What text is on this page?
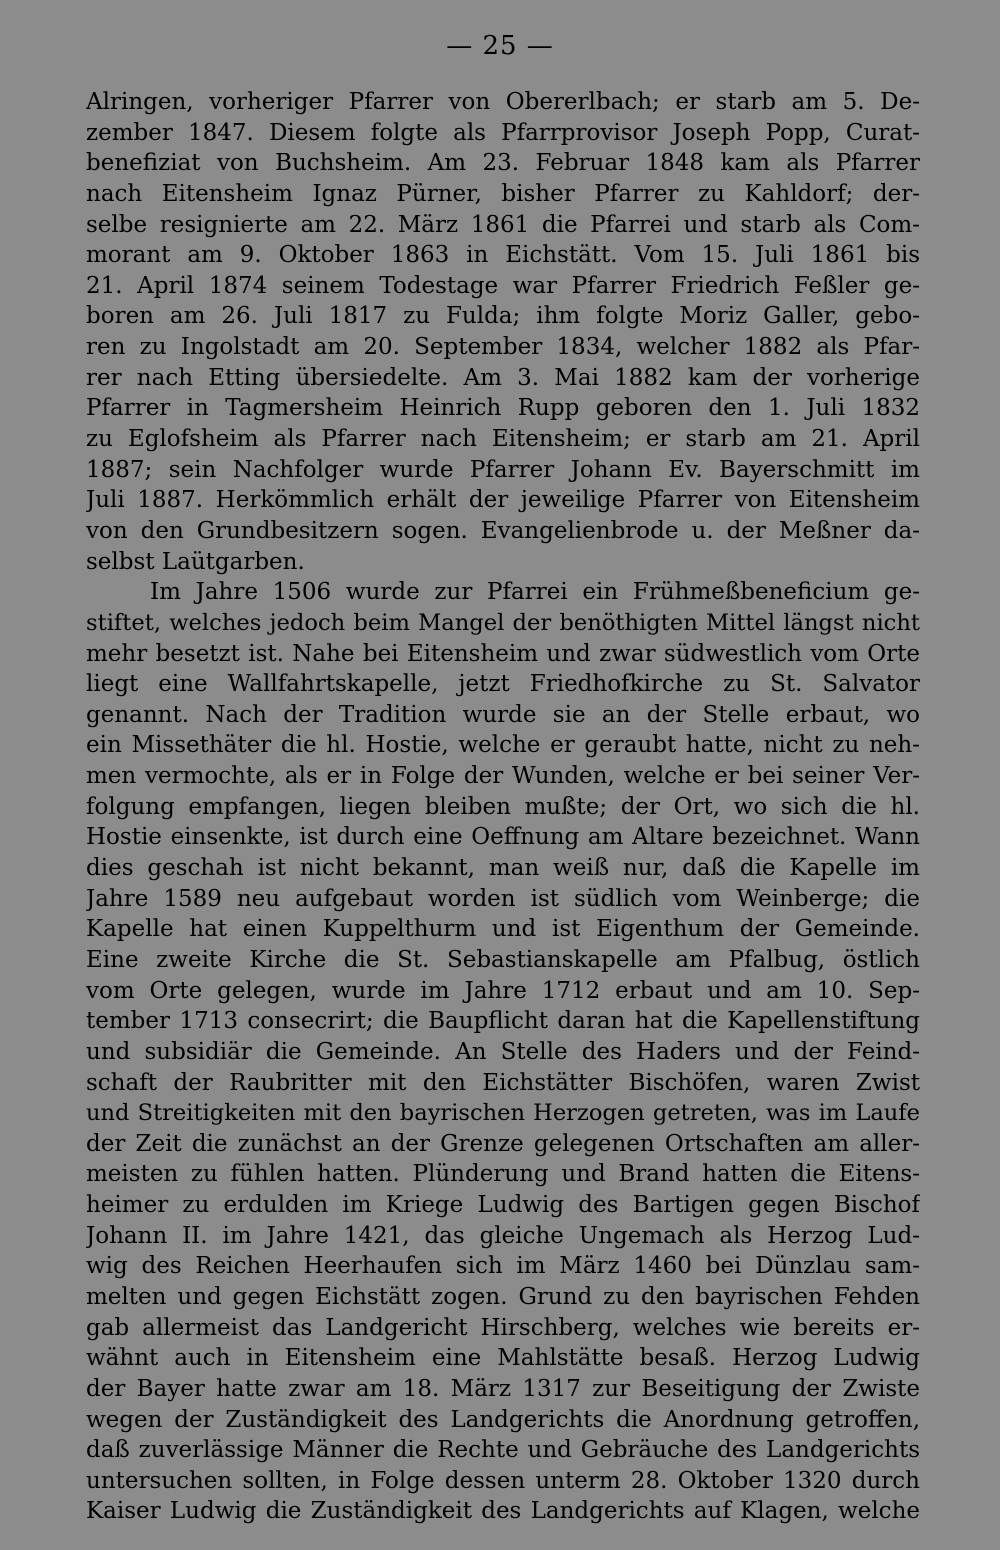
— 25 —
Alringen, vorheriger Pfarrer von Obererlbach; er starb am 5. De-
zember 1847. Diesem folgte als Pfarrprovisor Joseph Popp, Curat-
benefiziat von Buchsheim. Am 23. Februar 1848 kam als Pfarrer
nach Eitensheim Ignaz Pürner, bisher Pfarrer zu Kahldorf; der-
selbe resignierte am 22. März 1861 die Pfarrei und starb als Com-
morant am 9. Oktober 1863 in Eichstätt. Vom 15. Juli 1861 bis
21. April 1874 seinem Todestage war Pfarrer Friedrich Feßler ge-
boren am 26. Juli 1817 zu Fulda; ihm folgte Moriz Galler, gebo-
ren zu Ingolstadt am 20. September 1834, welcher 1882 als Pfar-
rer nach Etting übersiedelte. Am 3. Mai 1882 kam der vorherige
Pfarrer in Tagmersheim Heinrich Rupp geboren den 1. Juli 1832
zu Eglofsheim als Pfarrer nach Eitensheim; er starb am 21. April
1887; sein Nachfolger wurde Pfarrer Johann Ev. Bayerschmitt im
Juli 1887. Herkömmlich erhält der jeweilige Pfarrer von Eitensheim
von den Grundbesitzern sogen. Evangelienbrode u. der Meßner da-
selbst Laütgarben.
Im Jahre 1506 wurde zur Pfarrei ein Frühmeßbeneficium ge-
stiftet, welches jedoch beim Mangel der benöthigten Mittel längst nicht
mehr besetzt ist. Nahe bei Eitensheim und zwar südwestlich vom Orte
liegt eine Wallfahrtskapelle, jetzt Friedhofkirche zu St. Salvator
genannt. Nach der Tradition wurde sie an der Stelle erbaut, wo
ein Missethäter die hl. Hostie, welche er geraubt hatte, nicht zu neh-
men vermochte, als er in Folge der Wunden, welche er bei seiner Ver-
folgung empfangen, liegen bleiben mußte; der Ort, wo sich die hl.
Hostie einsenkte, ist durch eine Oeffnung am Altare bezeichnet. Wann
dies geschah ist nicht bekannt, man weiß nur, daß die Kapelle im
Jahre 1589 neu aufgebaut worden ist südlich vom Weinberge; die
Kapelle hat einen Kuppelthurm und ist Eigenthum der Gemeinde.
Eine zweite Kirche die St. Sebastianskapelle am Pfalbug, östlich
vom Orte gelegen, wurde im Jahre 1712 erbaut und am 10. Sep-
tember 1713 consecrirt; die Baupflicht daran hat die Kapellenstiftung
und subsidiär die Gemeinde. An Stelle des Haders und der Feind-
schaft der Raubritter mit den Eichstätter Bischöfen, waren Zwist
und Streitigkeiten mit den bayrischen Herzogen getreten, was im Laufe
der Zeit die zunächst an der Grenze gelegenen Ortschaften am aller-
meisten zu fühlen hatten. Plünderung und Brand hatten die Eitens-
heimer zu erdulden im Kriege Ludwig des Bartigen gegen Bischof
Johann II. im Jahre 1421, das gleiche Ungemach als Herzog Lud-
wig des Reichen Heerhaufen sich im März 1460 bei Dünzlau sam-
melten und gegen Eichstätt zogen. Grund zu den bayrischen Fehden
gab allermeist das Landgericht Hirschberg, welches wie bereits er-
wähnt auch in Eitensheim eine Mahlstätte besaß. Herzog Ludwig
der Bayer hatte zwar am 18. März 1317 zur Beseitigung der Zwiste
wegen der Zuständigkeit des Landgerichts die Anordnung getroffen,
daß zuverlässige Männer die Rechte und Gebräuche des Landgerichts
untersuchen sollten, in Folge dessen unterm 28. Oktober 1320 durch
Kaiser Ludwig die Zuständigkeit des Landgerichts auf Klagen, welche
